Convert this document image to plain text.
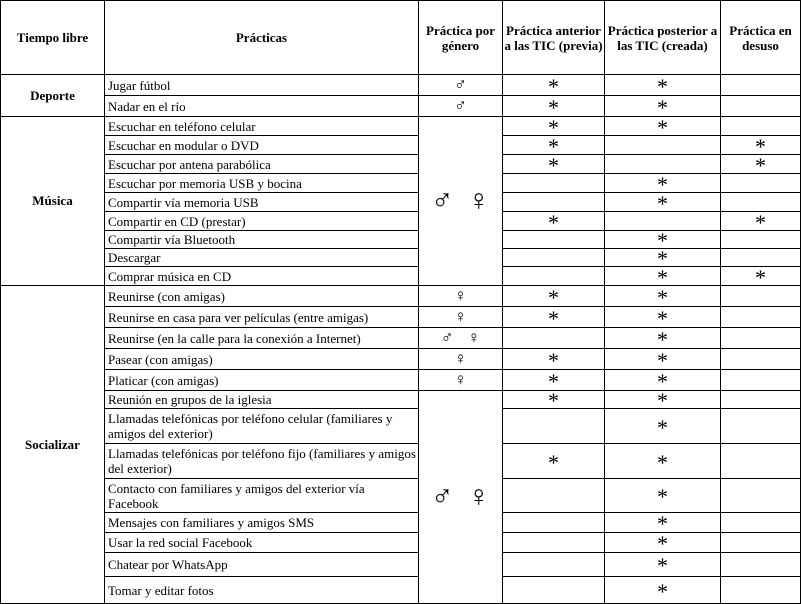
Tiempo libre	Prácticas	Práctica por género	Práctica anterior a las TIC (previa)	Práctica posterior a las TIC (creada)	Práctica en desuso
Deporte	Jugar fútbol	♂	*	*	
	Nadar en el río	♂	*	*	
Música	Escuchar en teléfono celular	♂ ♀	*	*	
	Escuchar en modular o DVD		*		*
	Escuchar por antena parabólica		*		*
	Escuchar por memoria USB y bocina			*	
	Compartir vía memoria USB			*	
	Compartir en CD (prestar)		*		*
	Compartir vía Bluetooth			*	
	Descargar			*	
	Comprar música en CD			*	*
Socializar	Reunirse (con amigas)	♀	*	*	
	Reunirse en casa para ver películas (entre amigas)	♀	*	*	
	Reunirse (en la calle para la conexión a Internet)	♂ ♀		*	
	Pasear (con amigas)	♀	*	*	
	Platicar (con amigas)	♀	*	*	
	Reunión en grupos de la iglesia	♂ ♀	*	*	
	Llamadas telefónicas por teléfono celular (familiares y amigos del exterior)			*	
	Llamadas telefónicas por teléfono fijo (familiares y amigos del exterior)		*	*	
	Contacto con familiares y amigos del exterior vía Facebook			*	
	Mensajes con familiares y amigos SMS			*	
	Usar la red social Facebook			*	
	Chatear por WhatsApp			*	
	Tomar y editar fotos			*	
